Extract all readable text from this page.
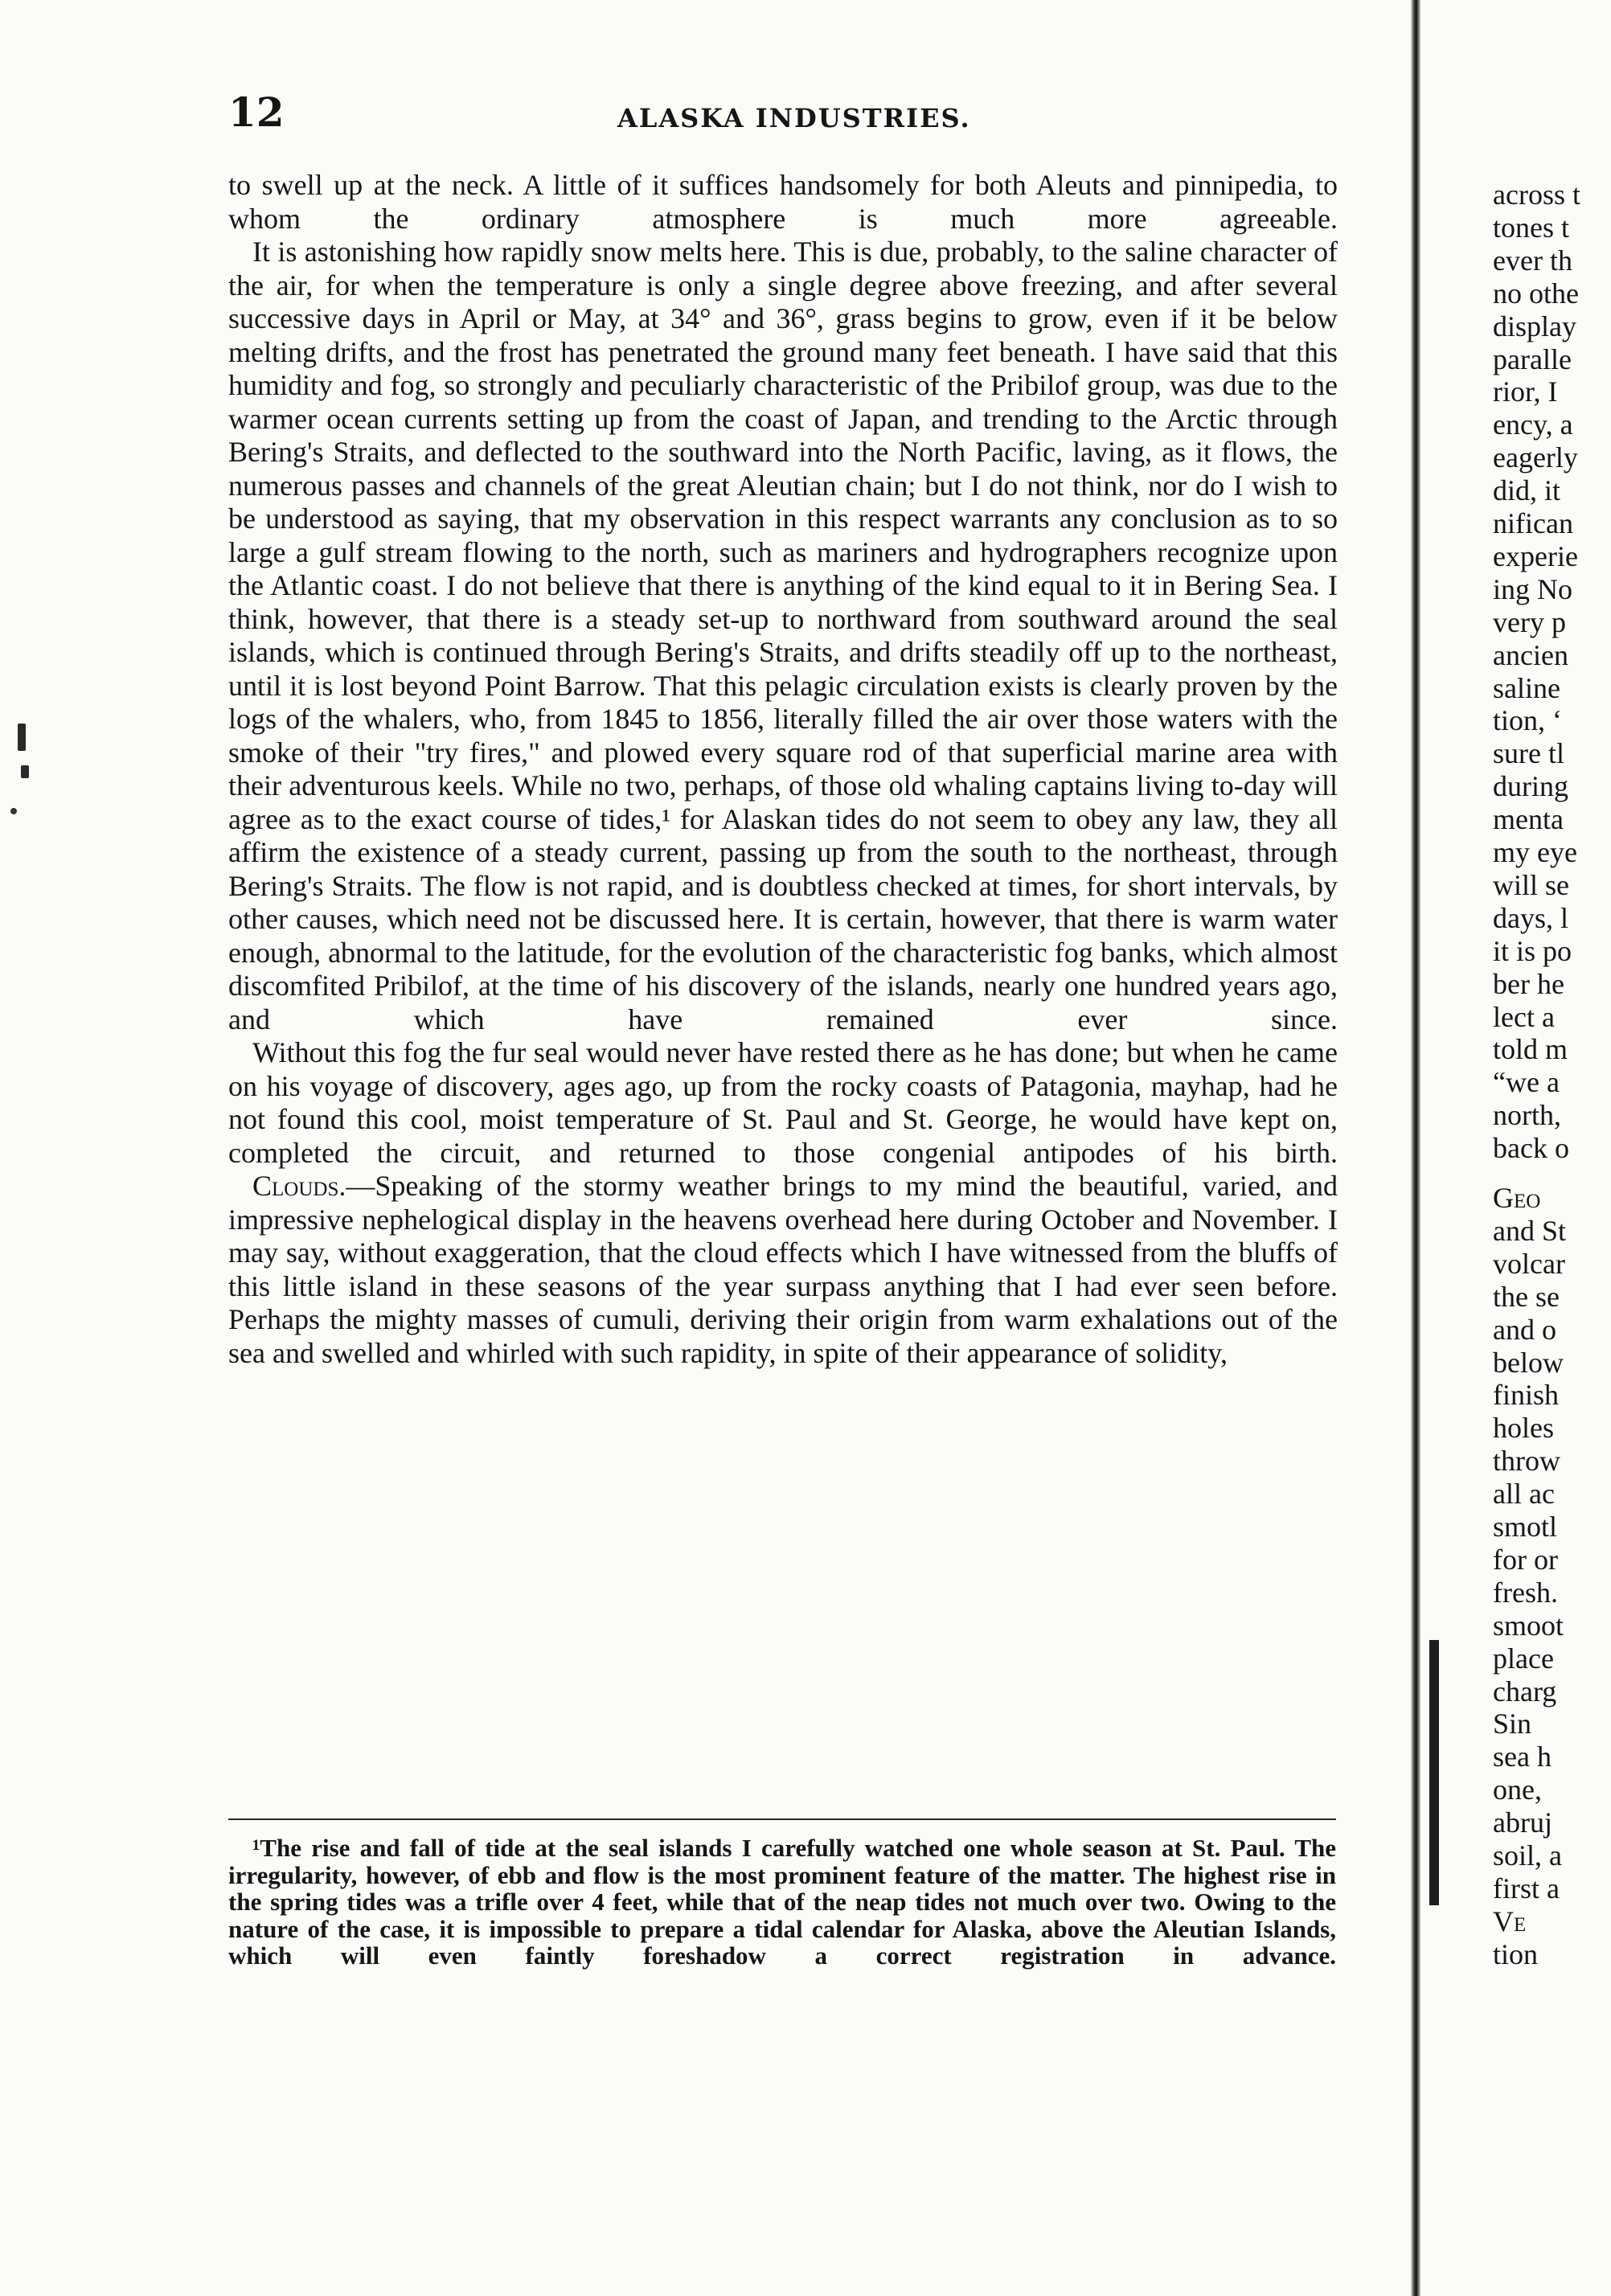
12	ALASKA INDUSTRIES.

to swell up at the neck. A little of it suffices handsomely for both Aleuts and pinnipedia, to whom the ordinary atmosphere is much more agreeable.

It is astonishing how rapidly snow melts here. This is due, probably, to the saline character of the air, for when the temperature is only a single degree above freezing, and after several successive days in April or May, at 34° and 36°, grass begins to grow, even if it be below melting drifts, and the frost has penetrated the ground many feet beneath. I have said that this humidity and fog, so strongly and peculiarly characteristic of the Pribilof group, was due to the warmer ocean currents setting up from the coast of Japan, and trending to the Arctic through Bering's Straits, and deflected to the southward into the North Pacific, laving, as it flows, the numerous passes and channels of the great Aleutian chain; but I do not think, nor do I wish to be understood as saying, that my observation in this respect warrants any conclusion as to so large a gulf stream flowing to the north, such as mariners and hydrographers recognize upon the Atlantic coast. I do not believe that there is anything of the kind equal to it in Bering Sea. I think, however, that there is a steady set-up to northward from southward around the seal islands, which is continued through Bering's Straits, and drifts steadily off up to the northeast, until it is lost beyond Point Barrow. That this pelagic circulation exists is clearly proven by the logs of the whalers, who, from 1845 to 1856, literally filled the air over those waters with the smoke of their "try fires," and plowed every square rod of that superficial marine area with their adventurous keels. While no two, perhaps, of those old whaling captains living to-day will agree as to the exact course of tides,¹ for Alaskan tides do not seem to obey any law, they all affirm the existence of a steady current, passing up from the south to the northeast, through Bering's Straits. The flow is not rapid, and is doubtless checked at times, for short intervals, by other causes, which need not be discussed here. It is certain, however, that there is warm water enough, abnormal to the latitude, for the evolution of the characteristic fog banks, which almost discomfited Pribilof, at the time of his discovery of the islands, nearly one hundred years ago, and which have remained ever since.

Without this fog the fur seal would never have rested there as he has done; but when he came on his voyage of discovery, ages ago, up from the rocky coasts of Patagonia, mayhap, had he not found this cool, moist temperature of St. Paul and St. George, he would have kept on, completed the circuit, and returned to those congenial antipodes of his birth.

Clouds.—Speaking of the stormy weather brings to my mind the beautiful, varied, and impressive nephelogical display in the heavens overhead here during October and November. I may say, without exaggeration, that the cloud effects which I have witnessed from the bluffs of this little island in these seasons of the year surpass anything that I had ever seen before. Perhaps the mighty masses of cumuli, deriving their origin from warm exhalations out of the sea and swelled and whirled with such rapidity, in spite of their appearance of solidity,

¹The rise and fall of tide at the seal islands I carefully watched one whole season at St. Paul. The irregularity, however, of ebb and flow is the most prominent feature of the matter. The highest rise in the spring tides was a trifle over 4 feet, while that of the neap tides not much over two. Owing to the nature of the case, it is impossible to prepare a tidal calendar for Alaska, above the Aleutian Islands, which will even faintly foreshadow a correct registration in advance.

across t
tones t
ever th
no othe
display
paralle
rior, I
ency, a
eagerly
did, it
nifican
experie
ing No
very p
ancien
saline
tion, ‘
sure tl
during
menta
my eye
will se
days, l
it is po
ber he
lect a
told m
“we a
north,
back o
Geo
and St
volcar
the se
and o
below
finish
holes
throw
all ac
smotl
for or
fresh.
smoot
place
charg
Sin
sea h
one,
abruj
soil, a
first a
Ve
tion
